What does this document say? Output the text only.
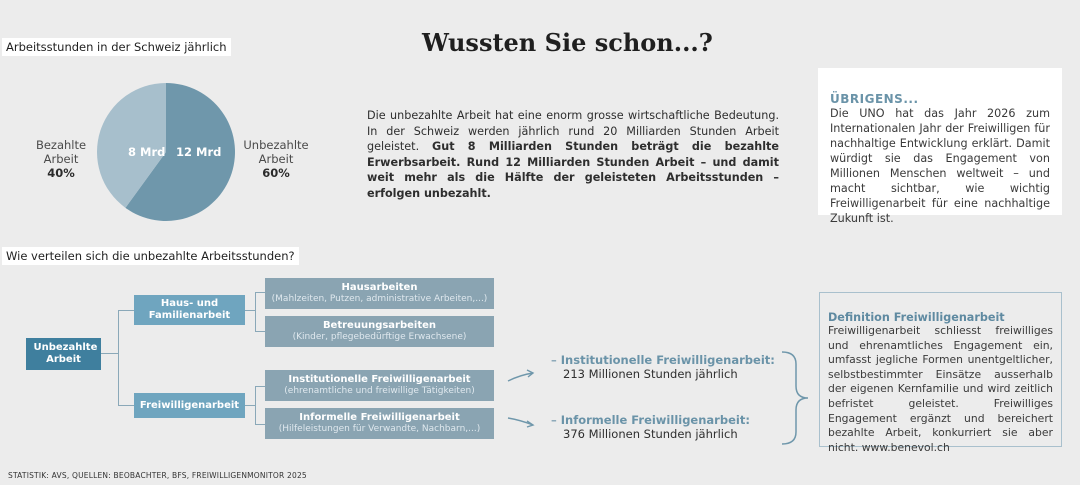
Arbeitsstunden in der Schweiz jährlich	Wussten Sie schon...?
8 Mrd 12 Mrd
Bezahlte
Arbeit
40%
Unbezahlte
Arbeit
60%
Die unbezahlte Arbeit hat eine enorm grosse wirtschaftliche Bedeutung. In der Schweiz werden jährlich rund 20 Milliarden Stunden Arbeit geleistet. Gut 8 Milliarden Stunden beträgt die bezahlte Erwerbsarbeit. Rund 12 Milliarden Stunden Arbeit – und damit weit mehr als die Hälfte der geleisteten Arbeitsstunden – erfolgen unbezahlt.
ÜBRIGENS...
Die UNO hat das Jahr 2026 zum Internationalen Jahr der Freiwilligen für nachhaltige Entwicklung erklärt. Damit würdigt sie das Engagement von Millionen Menschen weltweit – und macht sichtbar, wie wichtig Freiwilligenarbeit für eine nachhaltige Zukunft ist.
Wie verteilen sich die unbezahlte Arbeitsstunden?
Unbezahlte Arbeit
Haus- und Familienarbeit
Freiwilligenarbeit
Hausarbeiten
(Mahlzeiten, Putzen, administrative Arbeiten,...)
Betreuungsarbeiten
(Kinder, pflegebedürftige Erwachsene)
Institutionelle Freiwilligenarbeit
(ehrenamtliche und freiwillige Tätigkeiten)
Informelle Freiwilligenarbeit
(Hilfeleistungen für Verwandte, Nachbarn,...)
– Institutionelle Freiwilligenarbeit:
213 Millionen Stunden jährlich
– Informelle Freiwilligenarbeit:
376 Millionen Stunden jährlich
Definition Freiwilligenarbeit
Freiwilligenarbeit schliesst freiwilliges und ehrenamtliches Engagement ein, umfasst jegliche Formen unentgeltlicher, selbstbestimmter Einsätze ausserhalb der eigenen Kernfamilie und wird zeitlich befristet geleistet. Freiwilliges Engagement ergänzt und bereichert bezahlte Arbeit, konkurriert sie aber nicht. www.benevol.ch
STATISTIK: AVS, QUELLEN: BEOBACHTER, BFS, FREIWILLIGENMONITOR 2025
